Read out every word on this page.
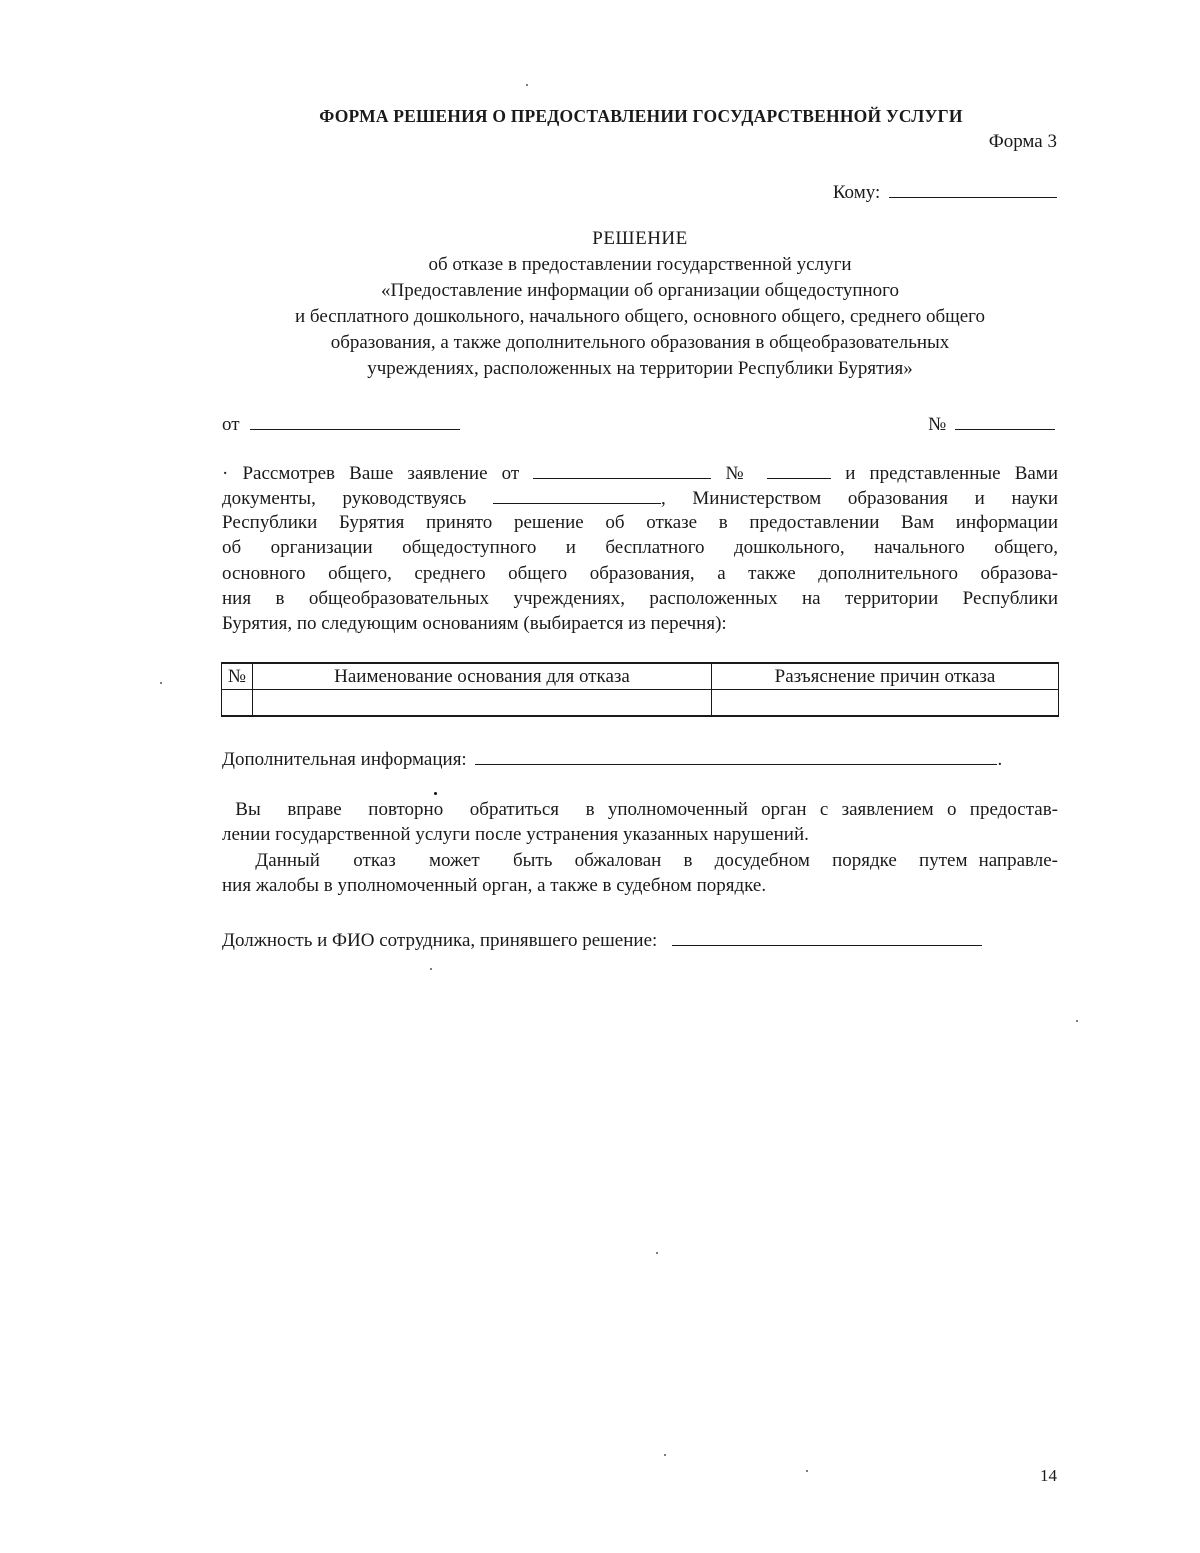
ФОРМА РЕШЕНИЯ О ПРЕДОСТАВЛЕНИИ ГОСУДАРСТВЕННОЙ УСЛУГИ
Форма 3
Кому:
РЕШЕНИЕ
об отказе в предоставлении государственной услуги
«Предоставление информации об организации общедоступного
и бесплатного дошкольного, начального общего, основного общего, среднего общего
образования, а также дополнительного образования в общеобразовательных
учреждениях, расположенных на территории Республики Бурятия»
от	№
· Рассмотрев Ваше заявление от	№	и представленные Вами
документы, руководствуясь	, Министерством образования и науки
Республики Бурятия принято решение об отказе в предоставлении Вам информации
об организации общедоступного и бесплатного дошкольного, начального общего,
основного общего, среднего общего образования, а также дополнительного образова-
ния в общеобразовательных учреждениях, расположенных на территории Республики
Бурятия, по следующим основаниям (выбирается из перечня):
№	Наименование основания для отказа	Разъяснение причин отказа

Дополнительная информация:	.
Вы  вправе  повторно  обратиться  в уполномоченный орган с заявлением о предостав-
лении государственной услуги после устранения указанных нарушений.
Данный   отказ   может   быть  обжалован  в  досудебном  порядке  путем направле-
ния жалобы в уполномоченный орган, а также в судебном порядке.
Должность и ФИО сотрудника, принявшего решение:
14
